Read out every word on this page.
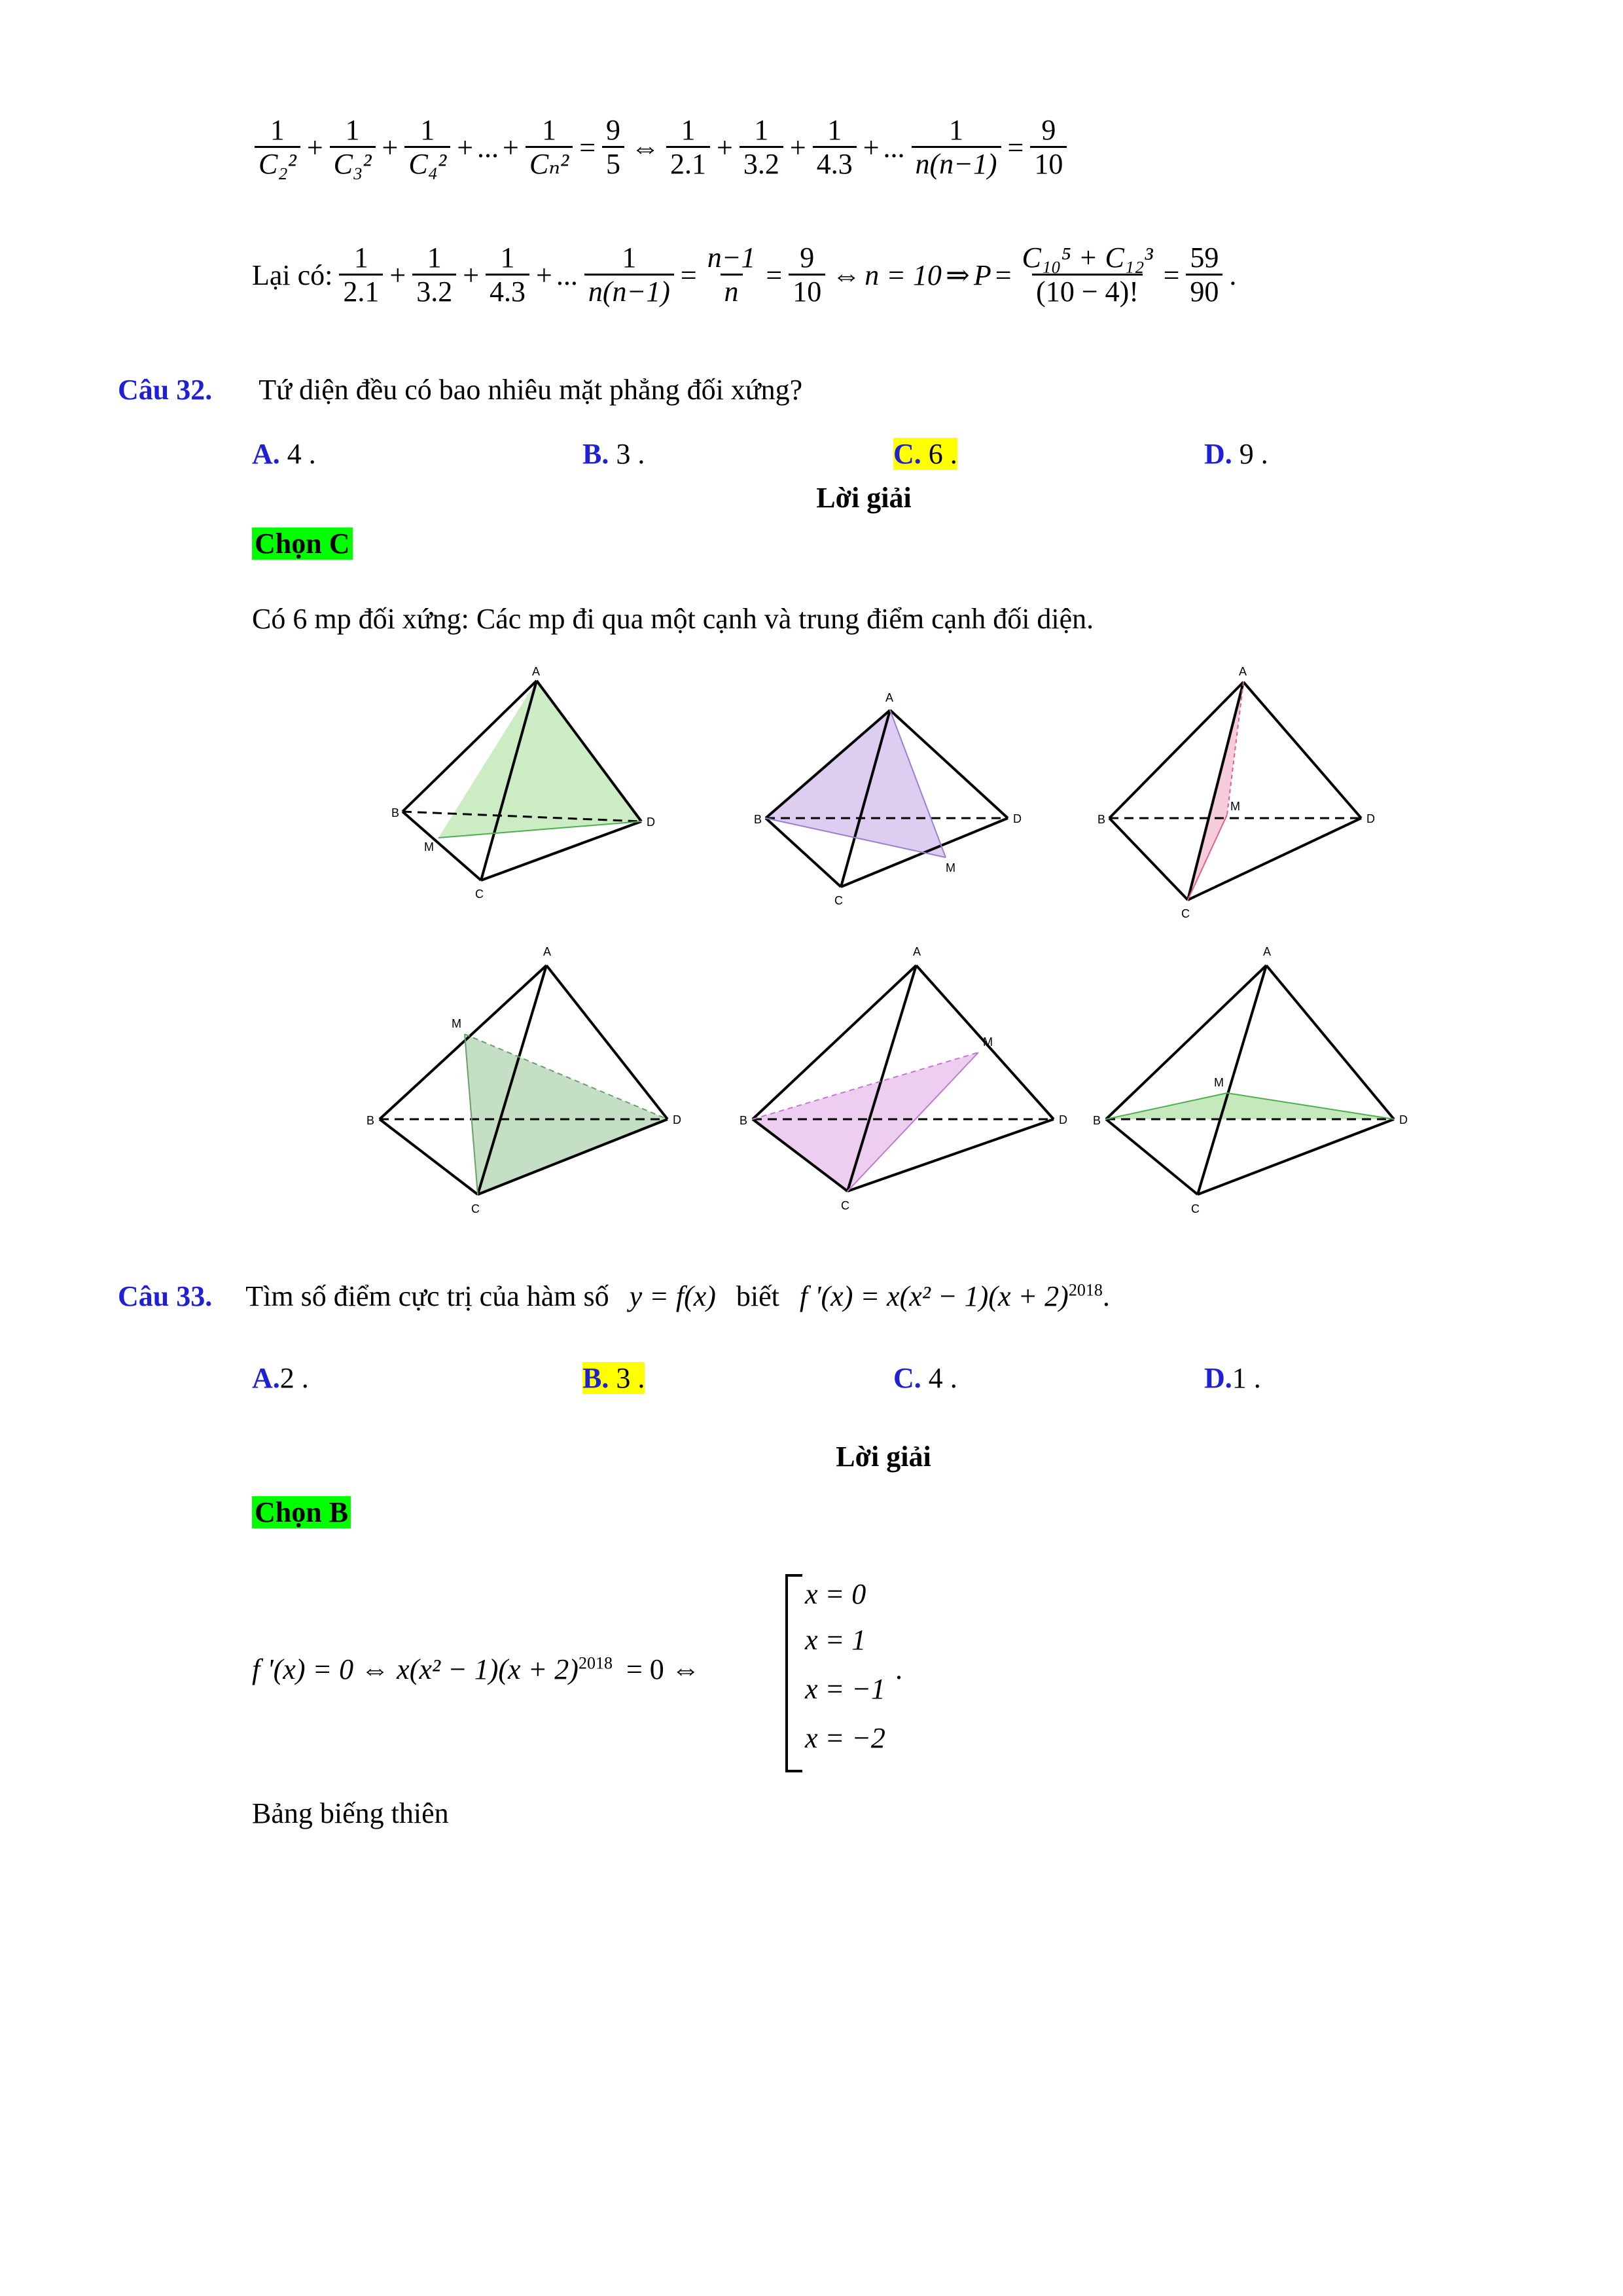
$\frac{1}{\text{C₂²}} + \frac{1}{\text{C₃²}} + \frac{1}{\text{C₄²}}$ + ... + $\frac{1}{\text{Cₙ²}} = \frac{9}{5}$ ⇔ $\frac{1}{2.1} + \frac{1}{3.2} + \frac{1}{4.3}$ + ... $\frac{1}{n(n-1)} = \frac{9}{10}$
Lại có: $\frac{1}{2.1} + \frac{1}{3.2} + \frac{1}{4.3}$ + ... $\frac{1}{n(n-1)} = \frac{n-1}{n} = \frac{9}{10}$ ⇔ n = 10 ⇒ $P = \frac{\text{C₁₀⁵ + C₁₂³}}{(10 - 4)!} = \frac{59}{90}$ .
Câu 32. Tứ diện đều có bao nhiêu mặt phẳng đối xứng?
A. 4 .	B. 3 .	C. 6 .	D. 9 .
Lời giải
Chọn C
Có 6 mp đối xứng: Các mp đi qua một cạnh và trung điểm cạnh đối diện.
A
B
C
D
M
A
B
C
D
M
A
B
C
D
M
A
B
C
D
M
A
B
C
D
M
A
B
C
D
M
Câu 33. Tìm số điểm cực trị của hàm số y = f(x) biết f '$(x) = x(x^2 - 1)(x + 2)^{2018}$.
A.2 .	B. 3 .	C. 4 .	D.1 .
Lời giải
Chọn B
f '(x) = 0 ⇔ $x(x^2 - 1)(x + 2)^{2018} = 0$ ⇔
x = 0
x = 1
x = −1
x = −2
.
Bảng biếng thiên
